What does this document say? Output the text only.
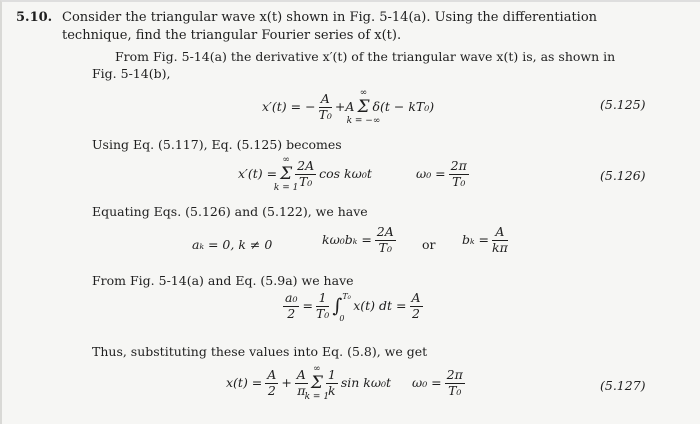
5.10. Consider the triangular wave x(t) shown in Fig. 5-14(a). Using the differentiation
technique, find the triangular Fourier series of x(t).
From Fig. 5-14(a) the derivative x′(t) of the triangular wave x(t) is, as shown in
Fig. 5-14(b),
x′(t) = − $\frac{A}{\text{T₀}} +A$ Σ
∞
k = −∞
δ(t − kT₀)	(5.125)
Using Eq. (5.117), Eq. (5.125) becomes
x′(t) = Σ
∞
k = 1
$\frac{2A}{\text{T₀}}$ cos kω₀t	$\omega_0 = \frac{2\pi}{\text{T₀}}$	(5.126)
Equating Eqs. (5.126) and (5.122), we have
aₖ = 0, k ≠ 0	$k\omega_0b_k = \frac{2A}{\text{T₀}}$ or $b_k = \frac{A}{k\pi}$
From Fig. 5-14(a) and Eq. (5.9a) we have
$\frac{\text{a₀}}{2} = \frac{1}{\text{T₀}}$ ∫ T₀
0
x(t) dt = $\frac{A}{2}$
Thus, substituting these values into Eq. (5.8), we get
$x(t) = \frac{A}{2} + \frac{A}{\pi}$ Σ
∞
k = 1
$\frac{1}{k}$ sin kω₀t $\omega_0 = \frac{2\pi}{\text{T₀}}$	(5.127)
